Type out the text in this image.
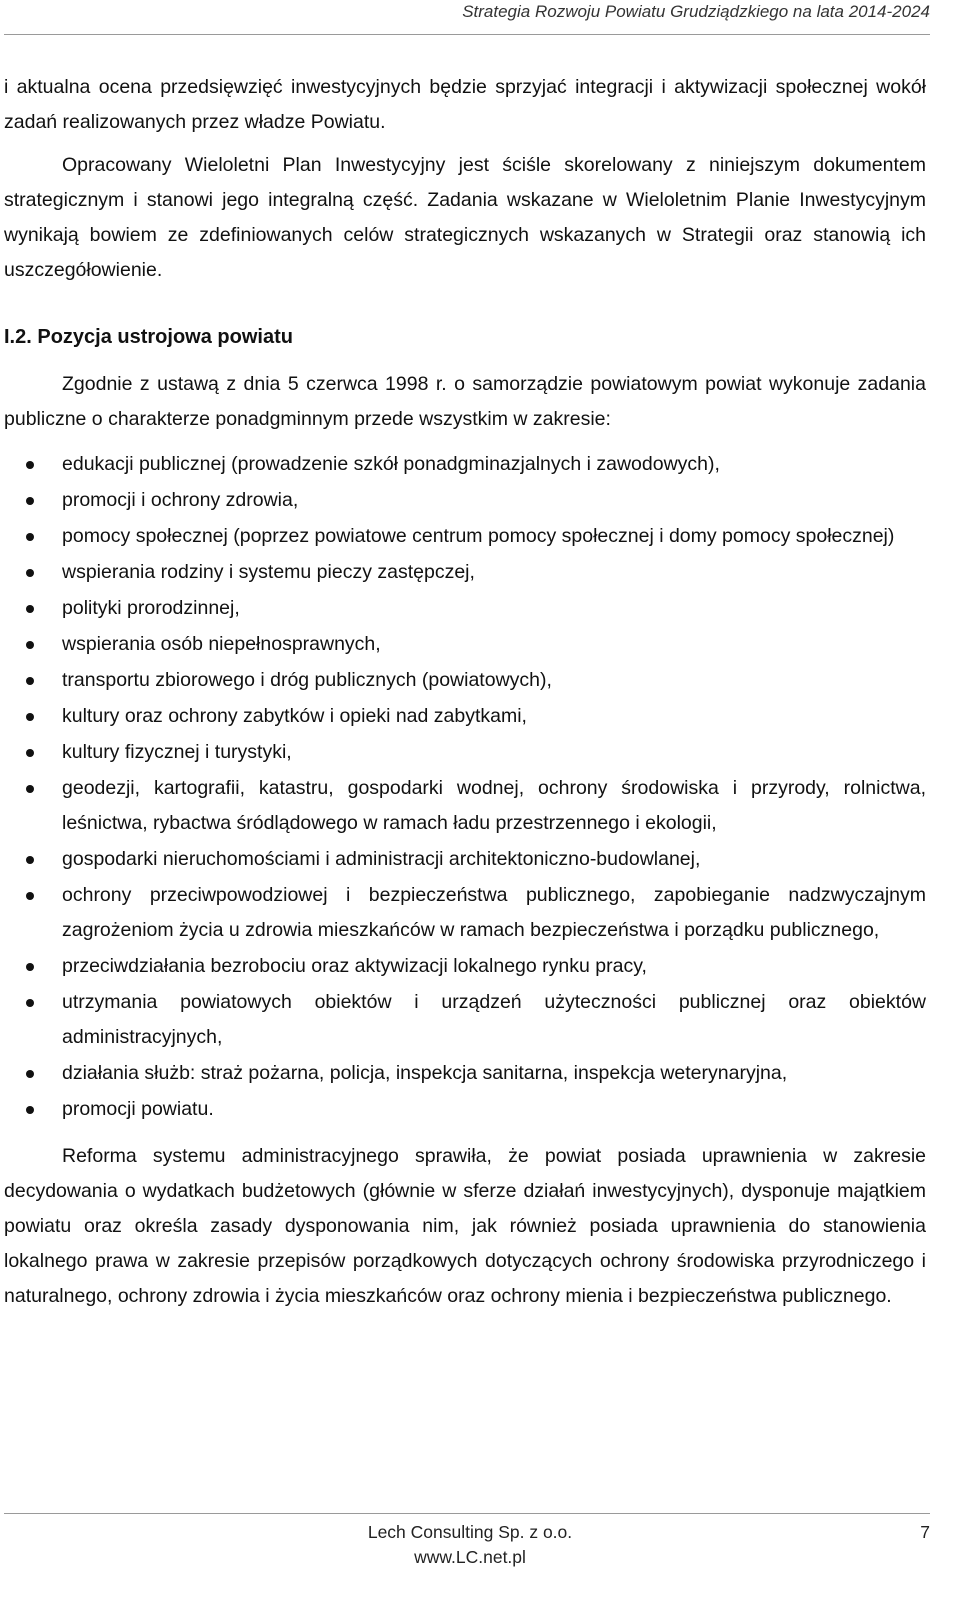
Strategia Rozwoju Powiatu Grudziądzkiego na lata 2014-2024

i aktualna ocena przedsięwzięć inwestycyjnych będzie sprzyjać integracji i aktywizacji społecznej wokół zadań realizowanych przez władze Powiatu.

Opracowany Wieloletni Plan Inwestycyjny jest ściśle skorelowany z niniejszym dokumentem strategicznym i stanowi jego integralną część. Zadania wskazane w Wieloletnim Planie Inwestycyjnym wynikają bowiem ze zdefiniowanych celów strategicznych wskazanych w Strategii oraz stanowią ich uszczegółowienie.

I.2. Pozycja ustrojowa powiatu

Zgodnie z ustawą z dnia 5 czerwca 1998 r. o samorządzie powiatowym powiat wykonuje zadania publiczne o charakterze ponadgminnym przede wszystkim w zakresie:

edukacji publicznej (prowadzenie szkół ponadgminazjalnych i zawodowych),
promocji i ochrony zdrowia,
pomocy społecznej (poprzez powiatowe centrum pomocy społecznej i domy pomocy społecznej)
wspierania rodziny i systemu pieczy zastępczej,
polityki prorodzinnej,
wspierania osób niepełnosprawnych,
transportu zbiorowego i dróg publicznych (powiatowych),
kultury oraz ochrony zabytków i opieki nad zabytkami,
kultury fizycznej i turystyki,
geodezji, kartografii, katastru, gospodarki wodnej, ochrony środowiska i przyrody, rolnictwa, leśnictwa, rybactwa śródlądowego w ramach ładu przestrzennego i ekologii,
gospodarki nieruchomościami i administracji architektoniczno-budowlanej,
ochrony przeciwpowodziowej i bezpieczeństwa publicznego, zapobieganie nadzwyczajnym zagrożeniom życia u zdrowia mieszkańców w ramach bezpieczeństwa i porządku publicznego,
przeciwdziałania bezrobociu oraz aktywizacji lokalnego rynku pracy,
utrzymania powiatowych obiektów i urządzeń użyteczności publicznej oraz obiektów administracyjnych,
działania służb: straż pożarna, policja, inspekcja sanitarna, inspekcja weterynaryjna,
promocji powiatu.

Reforma systemu administracyjnego sprawiła, że powiat posiada uprawnienia w zakresie decydowania o wydatkach budżetowych (głównie w sferze działań inwestycyjnych), dysponuje majątkiem powiatu oraz określa zasady dysponowania nim, jak również posiada uprawnienia do stanowienia lokalnego prawa w zakresie przepisów porządkowych dotyczących ochrony środowiska przyrodniczego i naturalnego, ochrony zdrowia i życia mieszkańców oraz ochrony mienia i bezpieczeństwa publicznego.

Lech Consulting Sp. z o.o.
www.LC.net.pl
7
